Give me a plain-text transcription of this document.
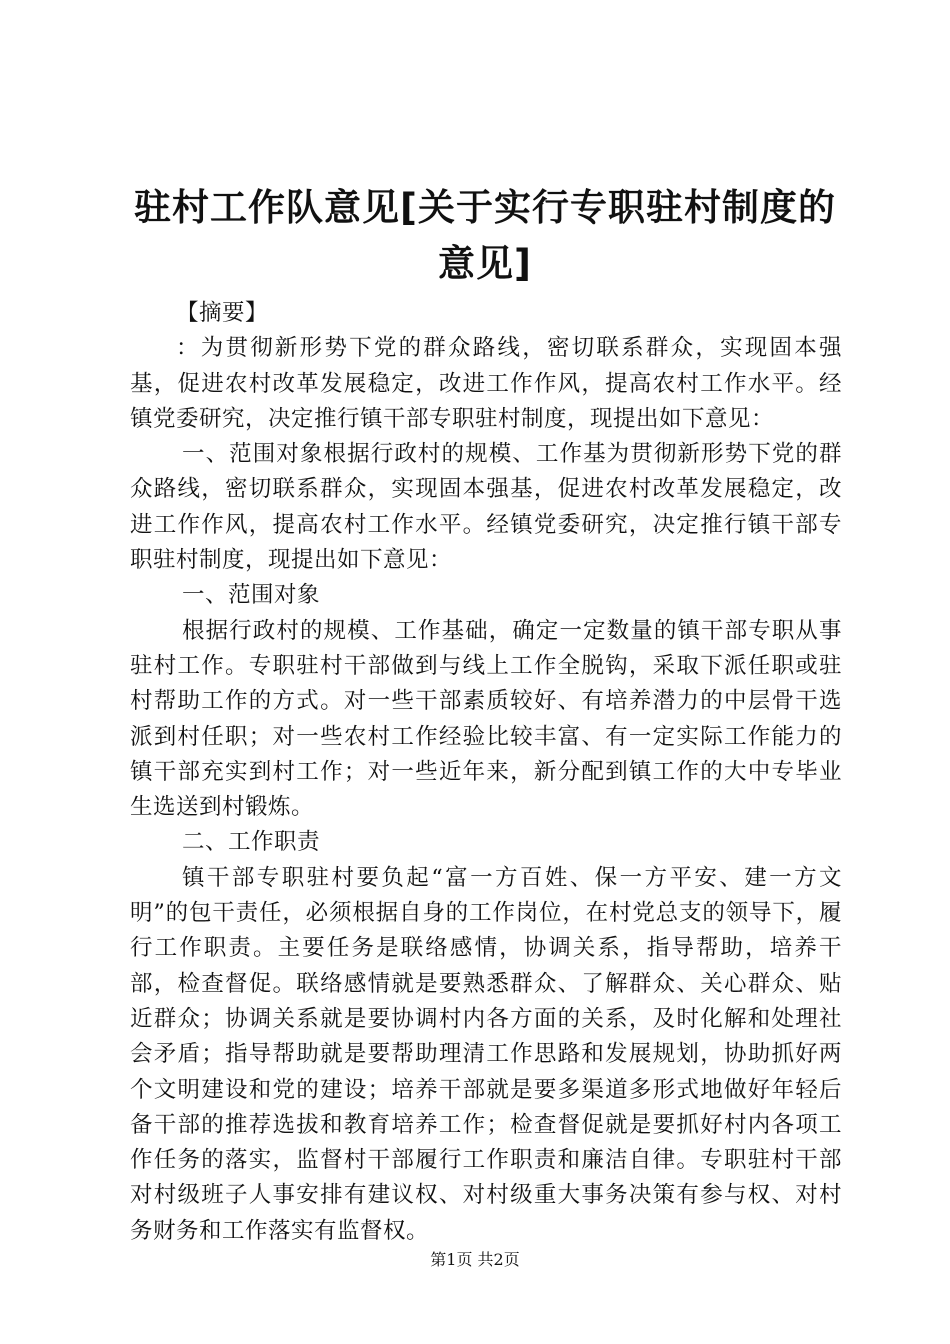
驻村工作队意见[关于实行专职驻村制度的意见]

【摘要】

：为贯彻新形势下党的群众路线，密切联系群众，实现固本强基，促进农村改革发展稳定，改进工作作风，提高农村工作水平。经镇党委研究，决定推行镇干部专职驻村制度，现提出如下意见：

一、范围对象根据行政村的规模、工作基为贯彻新形势下党的群众路线，密切联系群众，实现固本强基，促进农村改革发展稳定，改进工作作风，提高农村工作水平。经镇党委研究，决定推行镇干部专职驻村制度，现提出如下意见：

一、范围对象

根据行政村的规模、工作基础，确定一定数量的镇干部专职从事驻村工作。专职驻村干部做到与线上工作全脱钩，采取下派任职或驻村帮助工作的方式。对一些干部素质较好、有培养潜力的中层骨干选派到村任职；对一些农村工作经验比较丰富、有一定实际工作能力的镇干部充实到村工作；对一些近年来，新分配到镇工作的大中专毕业生选送到村锻炼。

二、工作职责

镇干部专职驻村要负起“富一方百姓、保一方平安、建一方文明”的包干责任，必须根据自身的工作岗位，在村党总支的领导下，履行工作职责。主要任务是联络感情，协调关系，指导帮助，培养干部，检查督促。联络感情就是要熟悉群众、了解群众、关心群众、贴近群众；协调关系就是要协调村内各方面的关系，及时化解和处理社会矛盾；指导帮助就是要帮助理清工作思路和发展规划，协助抓好两个文明建设和党的建设；培养干部就是要多渠道多形式地做好年轻后备干部的推荐选拔和教育培养工作；检查督促就是要抓好村内各项工作任务的落实，监督村干部履行工作职责和廉洁自律。专职驻村干部对村级班子人事安排有建议权、对村级重大事务决策有参与权、对村务财务和工作落实有监督权。

第1页 共2页
